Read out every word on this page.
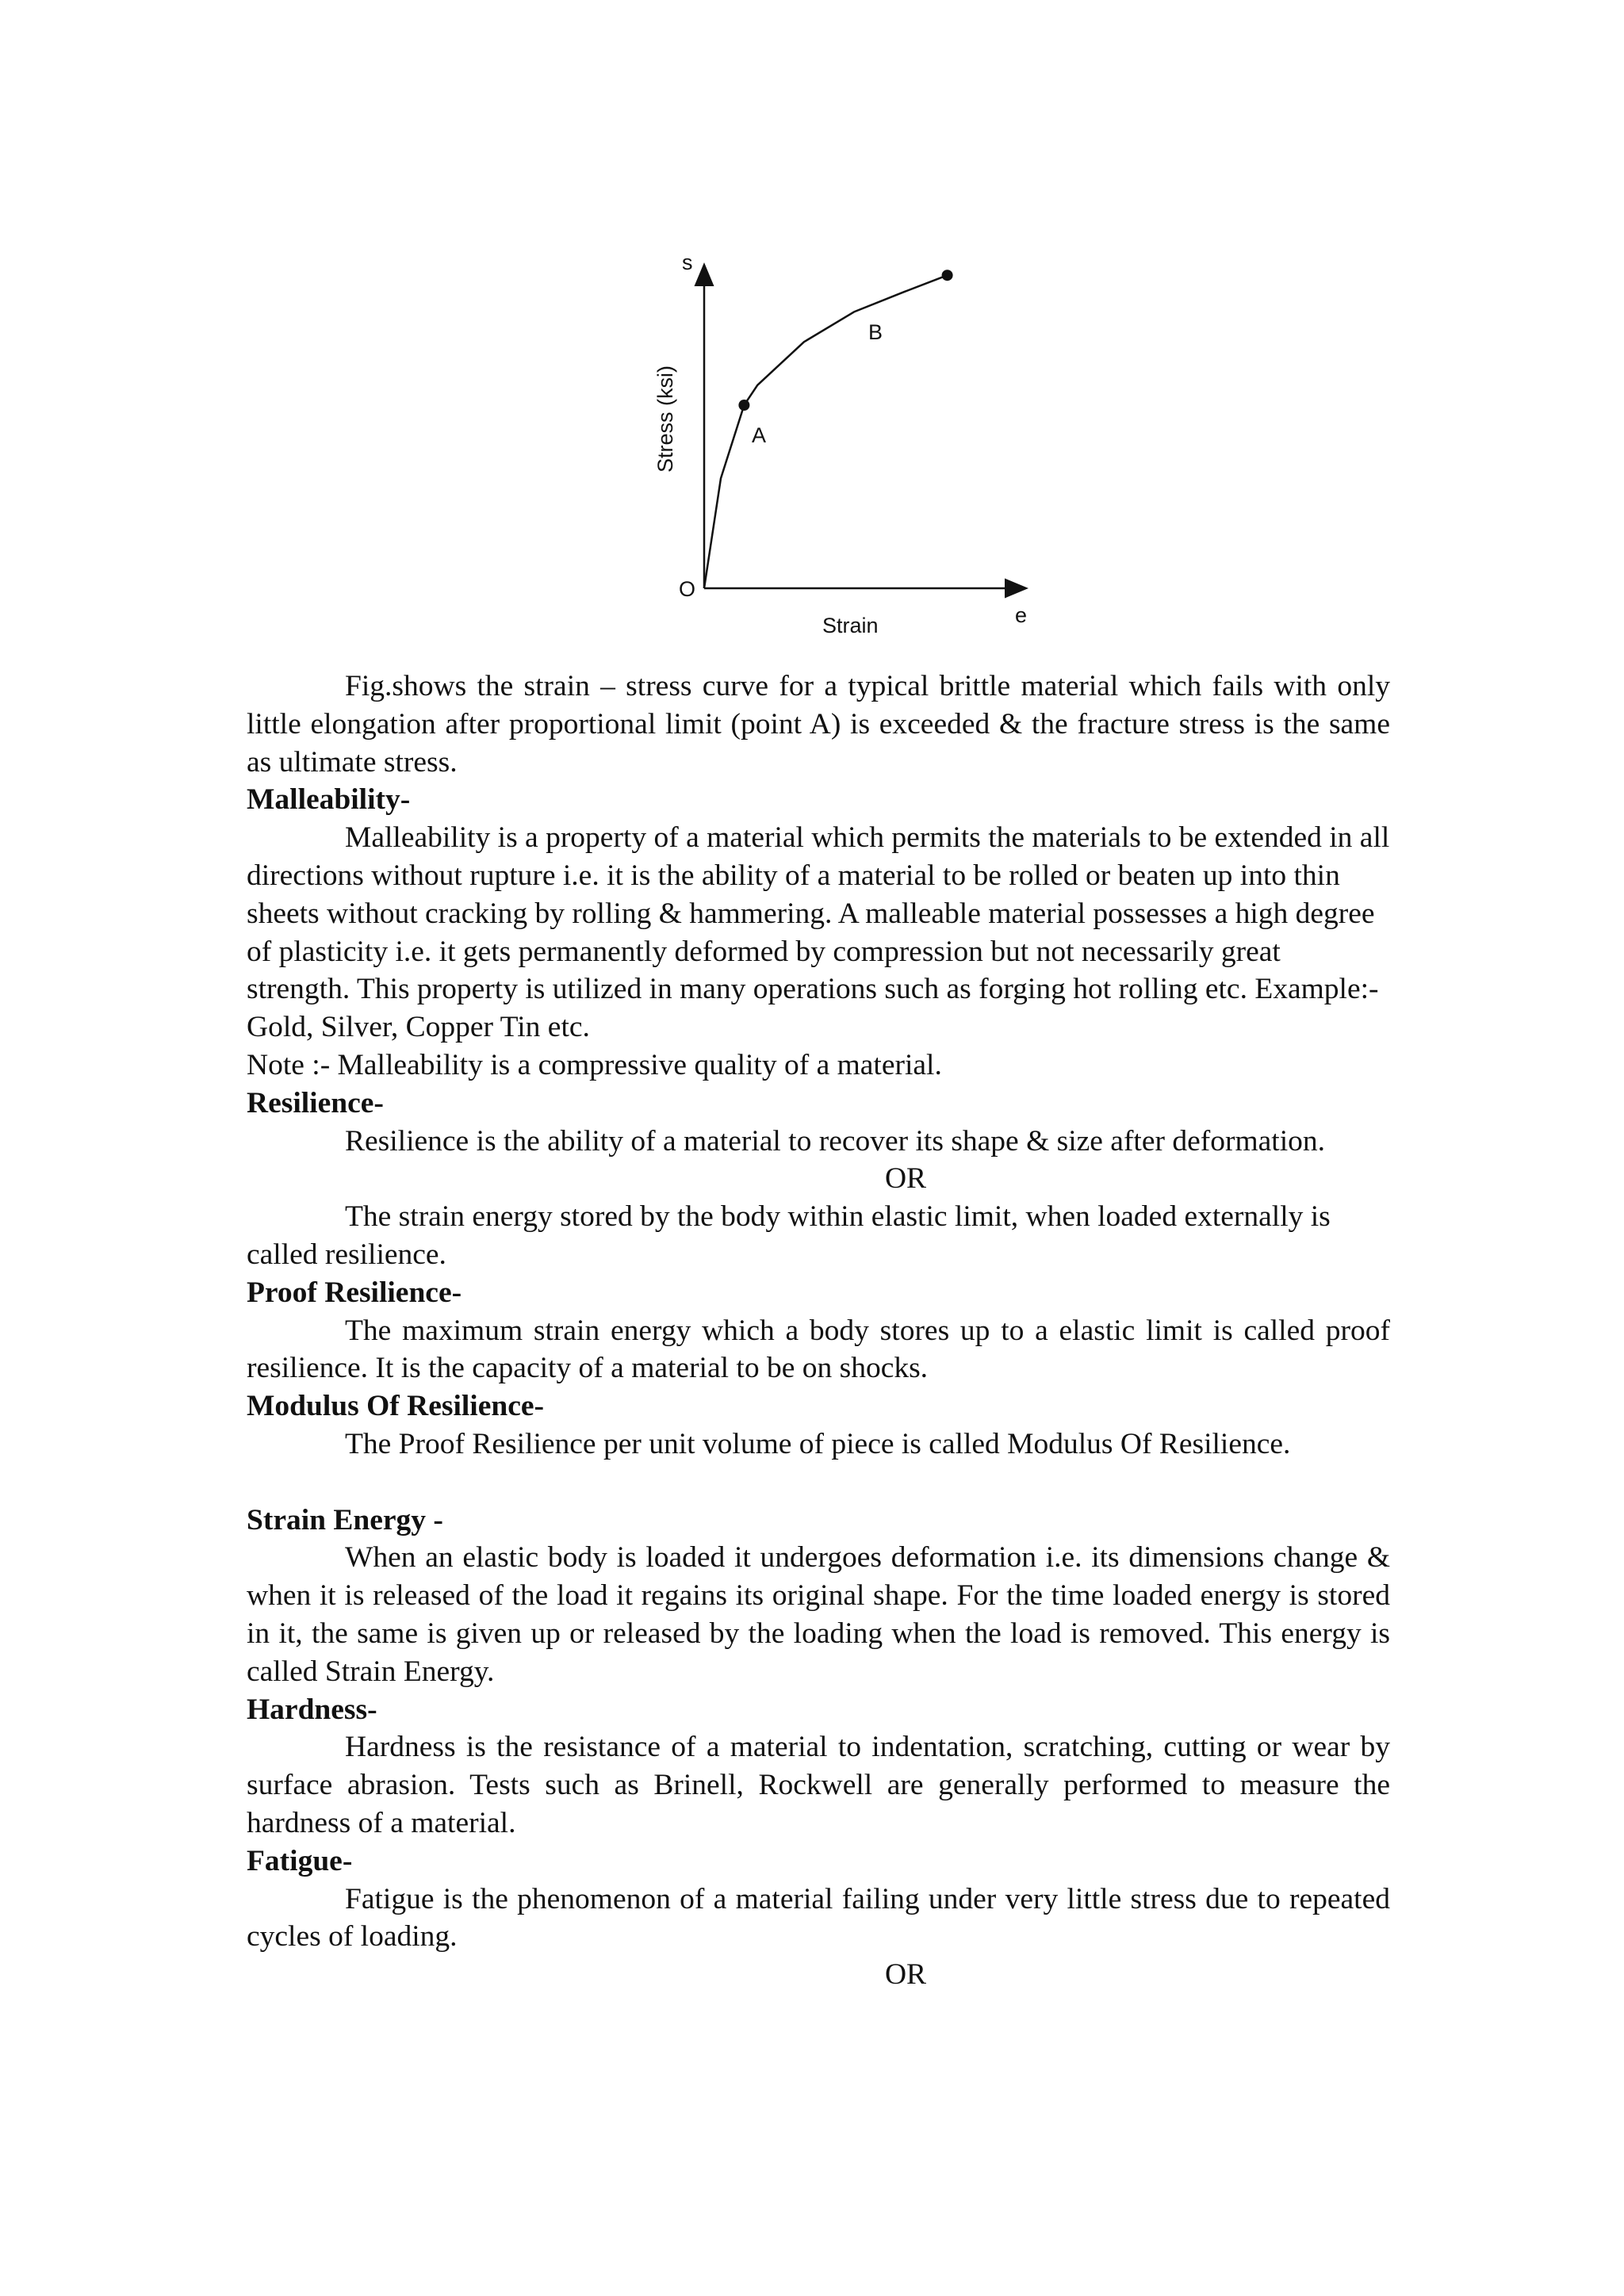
s
e
Stress (ksi)
Strain
O
A
B

Fig.shows the strain – stress curve for a typical brittle material which fails with only little elongation after proportional limit (point A) is exceeded & the fracture stress is the same as ultimate stress.

Malleability-

Malleability is a property of a material which permits the materials to be extended in all directions without rupture i.e. it is the ability of a material to be rolled or beaten up into thin sheets without cracking by rolling & hammering. A malleable material possesses a high degree of plasticity i.e. it gets permanently deformed by compression but not necessarily great strength. This property is utilized in many operations such as forging hot rolling etc. Example:- Gold, Silver, Copper Tin etc.

Note :- Malleability is a compressive quality of a material.

Resilience-

Resilience is the ability of a material to recover its shape & size after deformation.

OR

The strain energy stored by the body within elastic limit, when loaded externally is called resilience.

Proof Resilience-

The maximum strain energy which a body stores up to a elastic limit is called proof resilience. It is the capacity of a material to be on shocks.

Modulus Of Resilience-

The Proof Resilience per unit volume of piece is called Modulus Of Resilience.

Strain Energy -

When an elastic body is loaded it undergoes deformation i.e. its dimensions change & when it is released of the load it regains its original shape. For the time loaded energy is stored in it, the same is given up or released by the loading when the load is removed. This energy is called Strain Energy.

Hardness-

Hardness is the resistance of a material to indentation, scratching, cutting or wear by surface abrasion. Tests such as Brinell, Rockwell are generally performed to measure the hardness of a material.

Fatigue-

Fatigue is the phenomenon of a material failing under very little stress due to repeated cycles of loading.

OR
